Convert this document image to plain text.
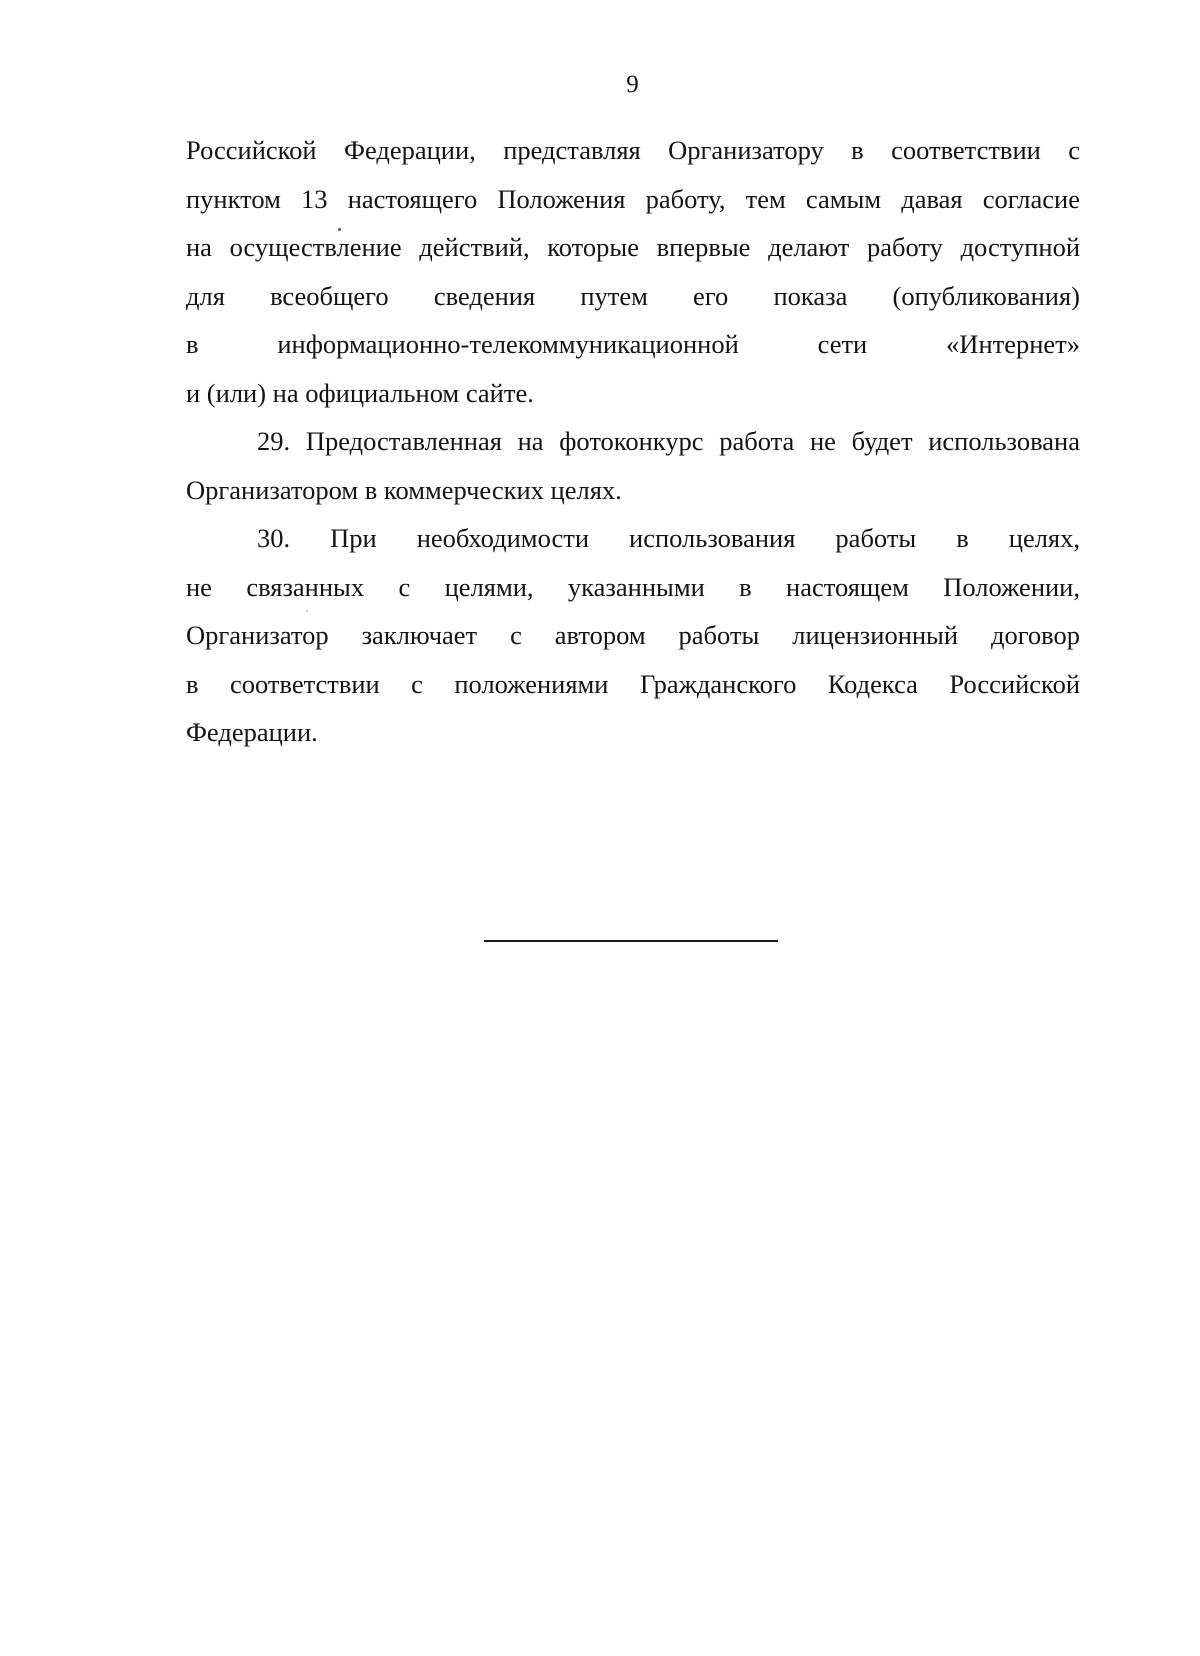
9
Российской Федерации, представляя Организатору в соответствии с
пунктом 13 настоящего Положения работу, тем самым давая согласие
на осуществление действий, которые впервые делают работу доступной
для всеобщего сведения путем его показа (опубликования)
в информационно-телекоммуникационной сети «Интернет»
и (или) на официальном сайте.
29. Предоставленная на фотоконкурс работа не будет использована
Организатором в коммерческих целях.
30. При необходимости использования работы в целях,
не связанных с целями, указанными в настоящем Положении,
Организатор заключает с автором работы лицензионный договор
в соответствии с положениями Гражданского Кодекса Российской
Федерации.
